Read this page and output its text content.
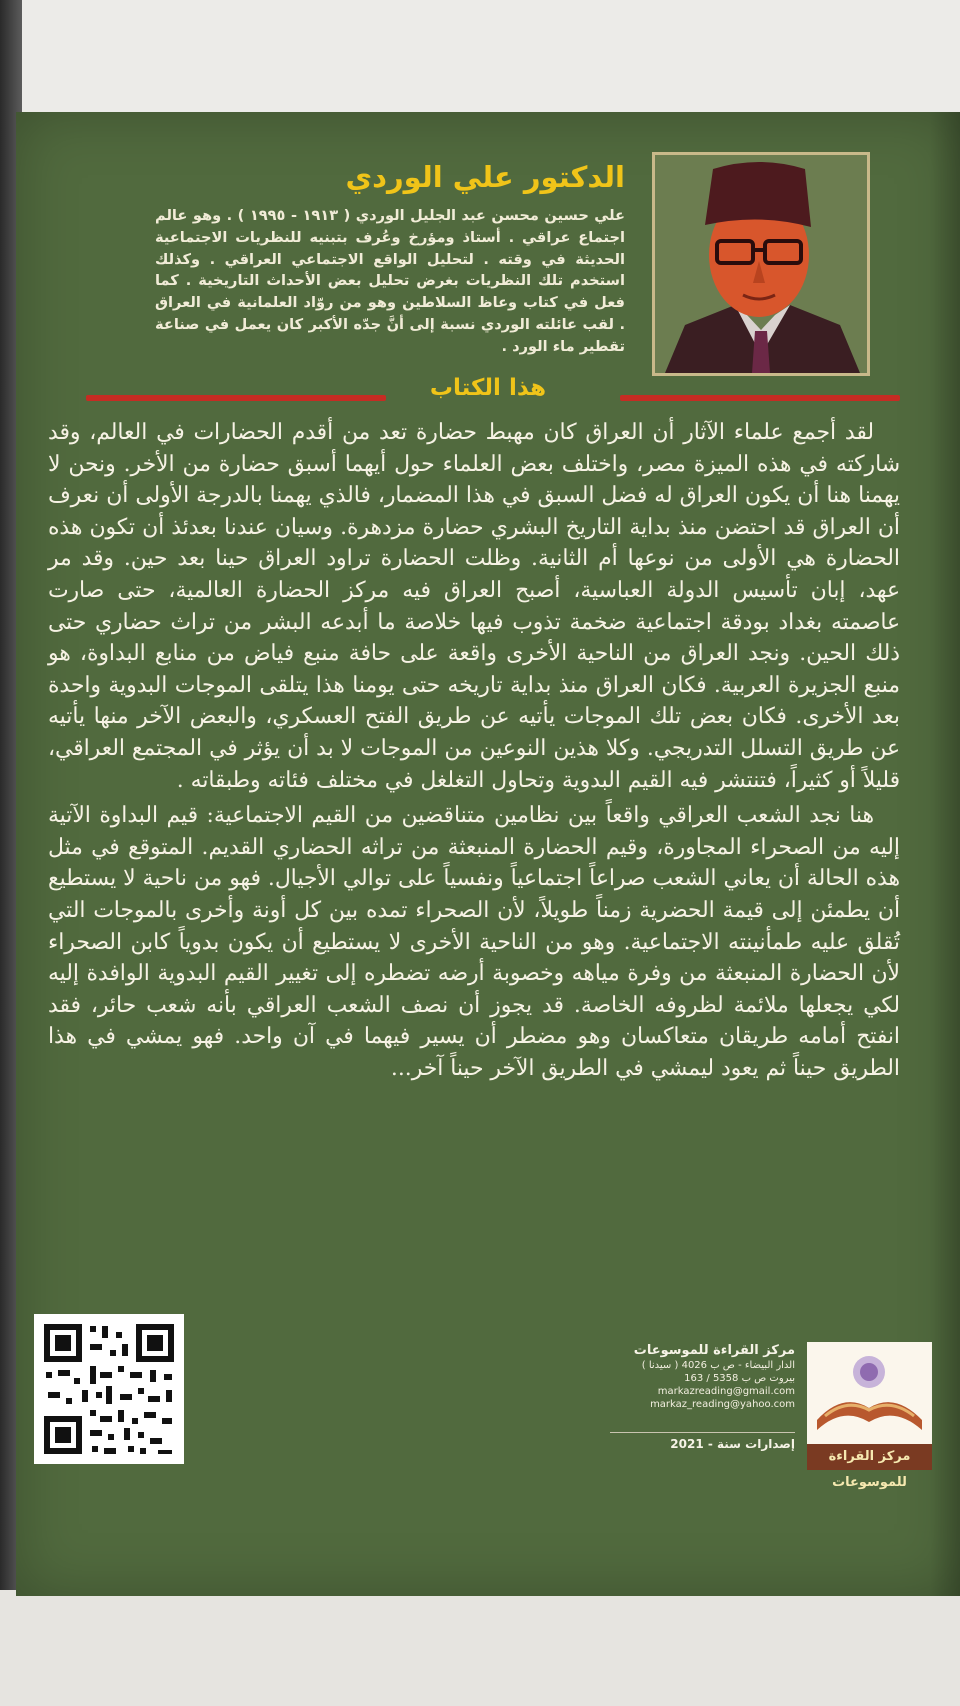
الدكتور علي الوردي

علي حسين محسن عبد الجليل الوردي ( ١٩١٣ - ١٩٩٥ ) . وهو عالم اجتماع عراقي . أستاذ ومؤرخ وعُرف بتبنيه للنظريات الاجتماعية الحديثة في وقته . لتحليل الواقع الاجتماعي العراقي . وكذلك استخدم تلك النظريات بغرض تحليل بعض الأحداث التاريخية . كما فعل في كتاب وعاظ السلاطين وهو من روّاد العلمانية في العراق . لقب عائلته الوردي نسبة إلى أنَّ جدّه الأكبر كان يعمل في صناعة تقطير ماء الورد .

هذا الكتاب

لقد أجمع علماء الآثار أن العراق كان مهبط حضارة تعد من أقدم الحضارات في العالم، وقد شاركته في هذه الميزة مصر، واختلف بعض العلماء حول أيهما أسبق حضارة من الأخر. ونحن لا يهمنا هنا أن يكون العراق له فضل السبق في هذا المضمار، فالذي يهمنا بالدرجة الأولى أن نعرف أن العراق قد احتضن منذ بداية التاريخ البشري حضارة مزدهرة. وسيان عندنا بعدئذ أن تكون هذه الحضارة هي الأولى من نوعها أم الثانية. وظلت الحضارة تراود العراق حينا بعد حين. وقد مر عهد، إبان تأسيس الدولة العباسية، أصبح العراق فيه مركز الحضارة العالمية، حتى صارت عاصمته بغداد بودقة اجتماعية ضخمة تذوب فيها خلاصة ما أبدعه البشر من تراث حضاري حتى ذلك الحين. ونجد العراق من الناحية الأخرى واقعة على حافة منبع فياض من منابع البداوة، هو منبع الجزيرة العربية. فكان العراق منذ بداية تاريخه حتى يومنا هذا يتلقى الموجات البدوية واحدة بعد الأخرى. فكان بعض تلك الموجات يأتيه عن طريق الفتح العسكري، والبعض الآخر منها يأتيه عن طريق التسلل التدريجي. وكلا هذين النوعين من الموجات لا بد أن يؤثر في المجتمع العراقي، قليلاً أو كثيراً، فتنتشر فيه القيم البدوية وتحاول التغلغل في مختلف فئاته وطبقاته .

هنا نجد الشعب العراقي واقعاً بين نظامين متناقضين من القيم الاجتماعية: قيم البداوة الآتية إليه من الصحراء المجاورة، وقيم الحضارة المنبعثة من تراثه الحضاري القديم. المتوقع في مثل هذه الحالة أن يعاني الشعب صراعاً اجتماعياً ونفسياً على توالي الأجيال. فهو من ناحية لا يستطيع أن يطمئن إلى قيمة الحضرية زمناً طويلاً، لأن الصحراء تمده بين كل أونة وأخرى بالموجات التي تُقلق عليه طمأنينته الاجتماعية. وهو من الناحية الأخرى لا يستطيع أن يكون بدوياً كابن الصحراء لأن الحضارة المنبعثة من وفرة مياهه وخصوبة أرضه تضطره إلى تغيير القيم البدوية الوافدة إليه لكي يجعلها ملائمة لظروفه الخاصة. قد يجوز أن نصف الشعب العراقي بأنه شعب حائر، فقد انفتح أمامه طريقان متعاكسان وهو مضطر أن يسير فيهما في آن واحد. فهو يمشي في هذا الطريق حيناً ثم يعود ليمشي في الطريق الآخر حيناً آخر...

مركز القراءة للموسوعات

الدار البيضاء - ص ب 4026 ( سيدنا )

بيروت ص ب 5358 / 163

markazreading@gmail.com

markaz_reading@yahoo.com

إصدارات سنة - 2021
مركز القراءة للموسوعات
